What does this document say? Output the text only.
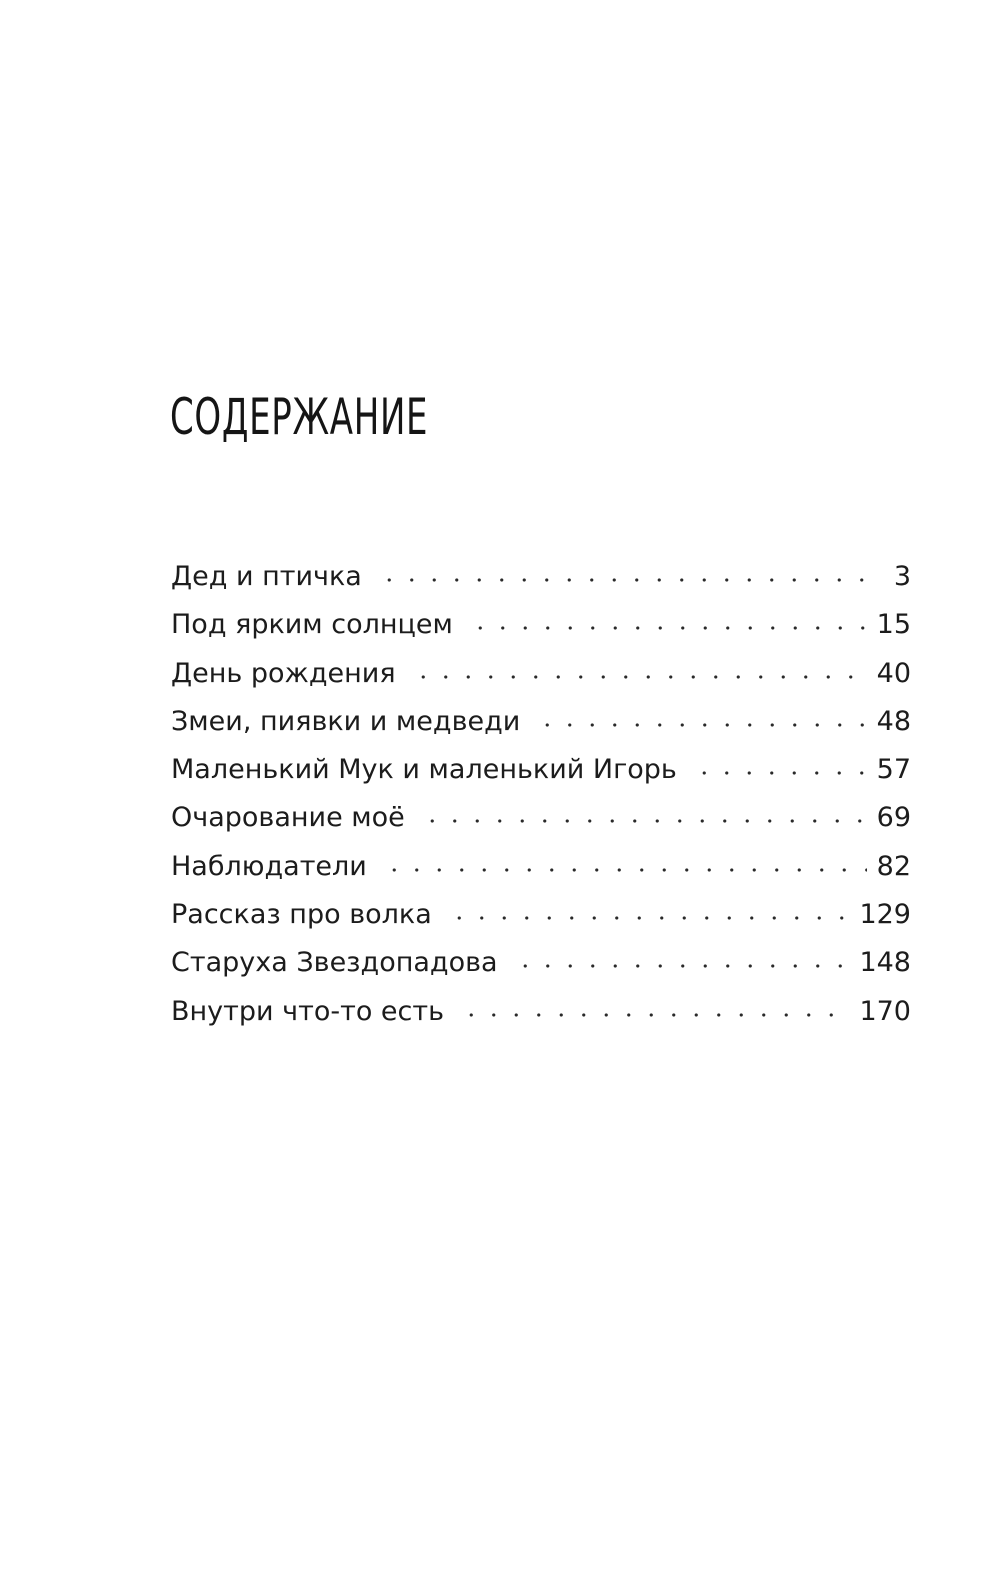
СОДЕРЖАНИЕ
Дед и птичка	3
Под ярким солнцем	15
День рождения	40
Змеи, пиявки и медведи	48
Маленький Мук и маленький Игорь	57
Очарование моё	69
Наблюдатели	82
Рассказ про волка	129
Старуха Звездопадова	148
Внутри что-то есть	170
